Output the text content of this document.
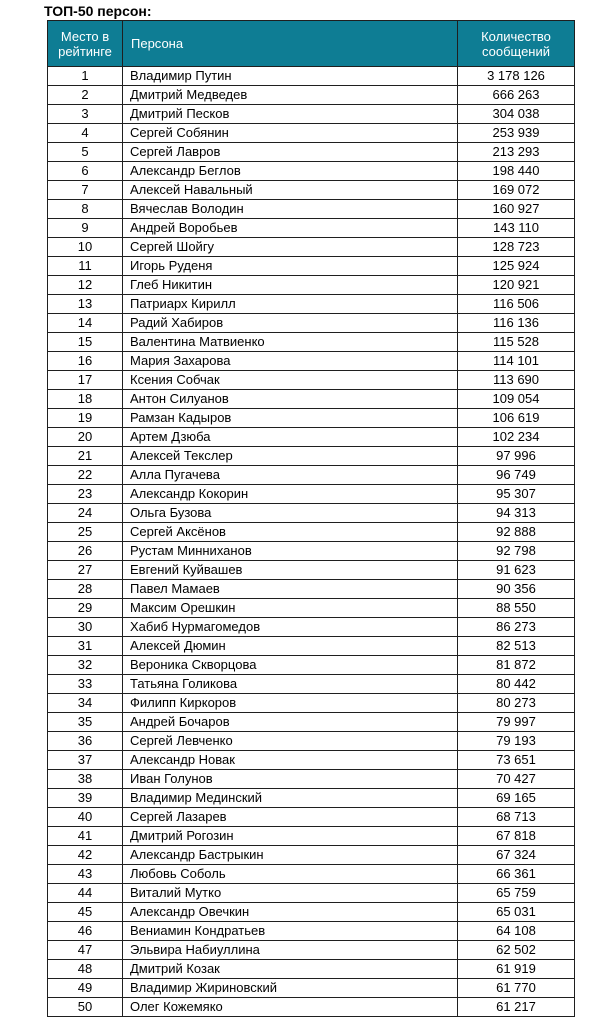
ТОП-50 персон:
Место в рейтинге	Персона	Количество сообщений
1	Владимир Путин	3 178 126
2	Дмитрий Медведев	666 263
3	Дмитрий Песков	304 038
4	Сергей Собянин	253 939
5	Сергей Лавров	213 293
6	Александр Беглов	198 440
7	Алексей Навальный	169 072
8	Вячеслав Володин	160 927
9	Андрей Воробьев	143 110
10	Сергей Шойгу	128 723
11	Игорь Руденя	125 924
12	Глеб Никитин	120 921
13	Патриарх Кирилл	116 506
14	Радий Хабиров	116 136
15	Валентина Матвиенко	115 528
16	Мария Захарова	114 101
17	Ксения Собчак	113 690
18	Антон Силуанов	109 054
19	Рамзан Кадыров	106 619
20	Артем Дзюба	102 234
21	Алексей Текслер	97 996
22	Алла Пугачева	96 749
23	Александр Кокорин	95 307
24	Ольга Бузова	94 313
25	Сергей Аксёнов	92 888
26	Рустам Минниханов	92 798
27	Евгений Куйвашев	91 623
28	Павел Мамаев	90 356
29	Максим Орешкин	88 550
30	Хабиб Нурмагомедов	86 273
31	Алексей Дюмин	82 513
32	Вероника Скворцова	81 872
33	Татьяна Голикова	80 442
34	Филипп Киркоров	80 273
35	Андрей Бочаров	79 997
36	Сергей Левченко	79 193
37	Александр Новак	73 651
38	Иван Голунов	70 427
39	Владимир Мединский	69 165
40	Сергей Лазарев	68 713
41	Дмитрий Рогозин	67 818
42	Александр Бастрыкин	67 324
43	Любовь Соболь	66 361
44	Виталий Мутко	65 759
45	Александр Овечкин	65 031
46	Вениамин Кондратьев	64 108
47	Эльвира Набиуллина	62 502
48	Дмитрий Козак	61 919
49	Владимир Жириновский	61 770
50	Олег Кожемяко	61 217
